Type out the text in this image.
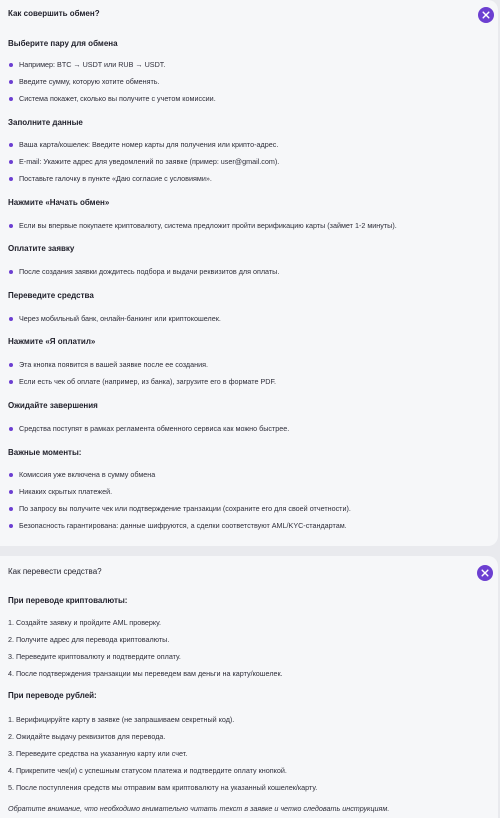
Как совершить обмен?
Выберите пару для обмена
Например: BTC → USDT или RUB → USDT.
Введите сумму, которую хотите обменять.
Система покажет, сколько вы получите с учетом комиссии.
Заполните данные
Ваша карта/кошелек: Введите номер карты для получения или крипто-адрес.
E-mail: Укажите адрес для уведомлений по заявке (пример: user@gmail.com).
Поставьте галочку в пункте «Даю согласие с условиями».
Нажмите «Начать обмен»
Если вы впервые покупаете криптовалюту, система предложит пройти верификацию карты (займет 1-2 минуты).
Оплатите заявку
После создания заявки дождитесь подбора и выдачи реквизитов для оплаты.
Переведите средства
Через мобильный банк, онлайн-банкинг или криптокошелек.
Нажмите «Я оплатил»
Эта кнопка появится в вашей заявке после ее создания.
Если есть чек об оплате (например, из банка), загрузите его в формате PDF.
Ожидайте завершения
Средства поступят в рамках регламента обменного сервиса как можно быстрее.
Важные моменты:
Комиссия уже включена в сумму обмена
Никаких скрытых платежей.
По запросу вы получите чек или подтверждение транзакции (сохраните его для своей отчетности).
Безопасность гарантирована: данные шифруются, а сделки соответствуют AML/KYC-стандартам.
Как перевести средства?
При переводе криптовалюты:
1. Создайте заявку и пройдите AML проверку.
2. Получите адрес для перевода криптовалюты.
3. Переведите криптовалюту и подтвердите оплату.
4. После подтверждения транзакции мы переведем вам деньги на карту/кошелек.
При переводе рублей:
1. Верифицируйте карту в заявке (не запрашиваем секретный код).
2. Ожидайте выдачу реквизитов для перевода.
3. Переведите средства на указанную карту или счет.
4. Прикрепите чек(и) с успешным статусом платежа и подтвердите оплату кнопкой.
5. После поступления средств мы отправим вам криптовалюту на указанный кошелек/карту.
Обратите внимание, что необходимо внимательно читать текст в заявке и четко следовать инструкциям.
